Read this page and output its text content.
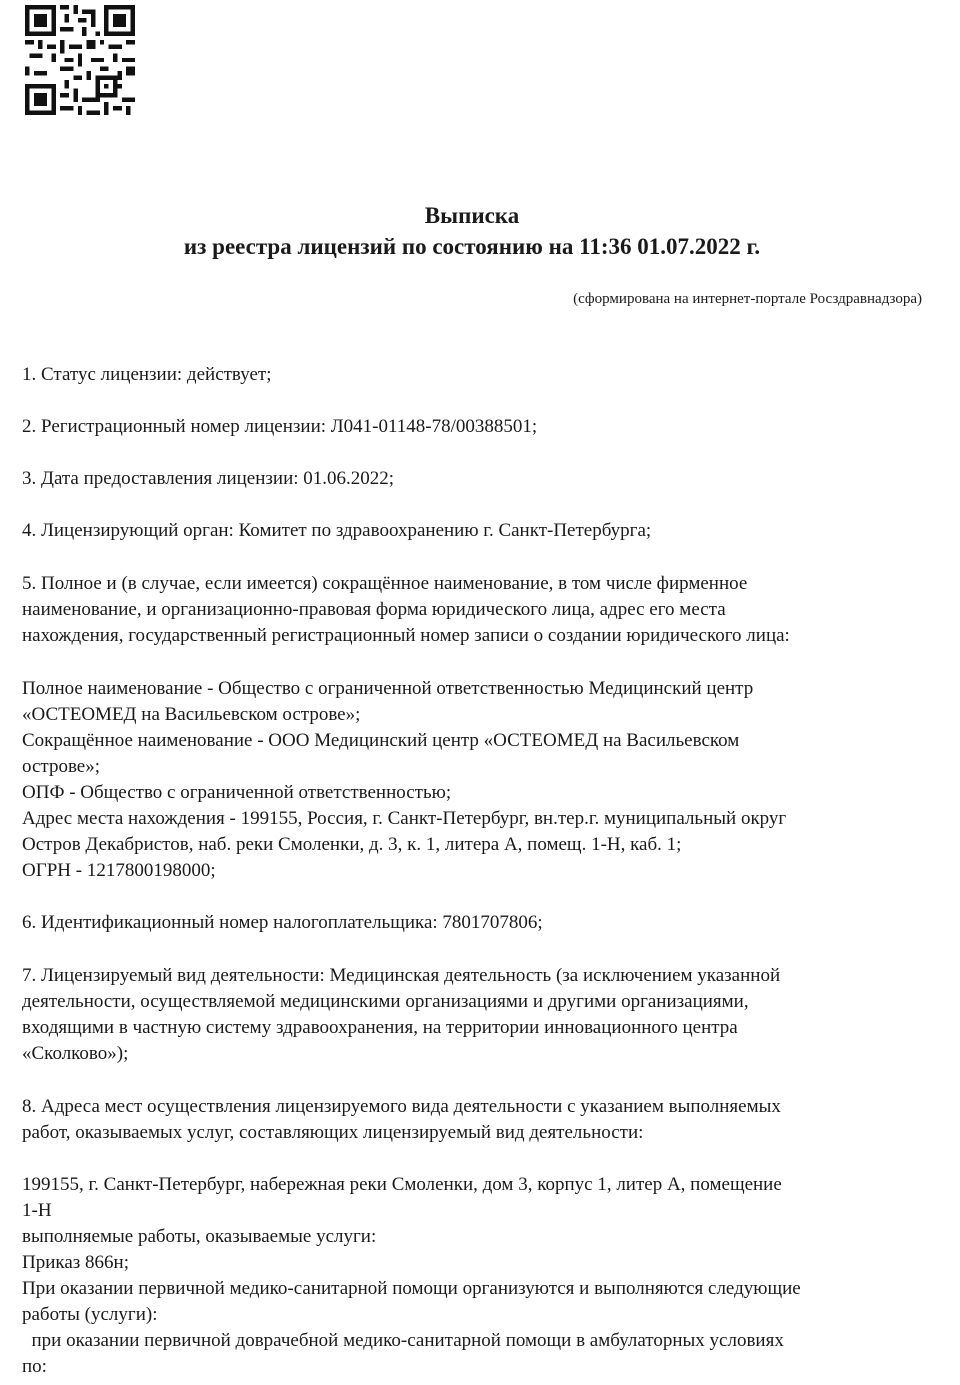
Выписка
из реестра лицензий по состоянию на 11:36 01.07.2022 г.
(сформирована на интернет-портале Росздравнадзора)

1. Статус лицензии: действует;

2. Регистрационный номер лицензии: Л041-01148-78/00388501;

3. Дата предоставления лицензии: 01.06.2022;

4. Лицензирующий орган: Комитет по здравоохранению г. Санкт-Петербурга;

5. Полное и (в случае, если имеется) сокращённое наименование, в том числе фирменное

наименование, и организационно-правовая форма юридического лица, адрес его места

нахождения, государственный регистрационный номер записи о создании юридического лица:

Полное наименование - Общество с ограниченной ответственностью Медицинский центр

«ОСТЕОМЕД на Васильевском острове»;

Сокращённое наименование - ООО Медицинский центр «ОСТЕОМЕД на Васильевском

острове»;

ОПФ - Общество с ограниченной ответственностью;

Адрес места нахождения - 199155, Россия, г. Санкт-Петербург, вн.тер.г. муниципальный округ

Остров Декабристов, наб. реки Смоленки, д. 3, к. 1, литера А, помещ. 1-Н, каб. 1;

ОГРН - 1217800198000;

6. Идентификационный номер налогоплательщика: 7801707806;

7. Лицензируемый вид деятельности: Медицинская деятельность (за исключением указанной

деятельности, осуществляемой медицинскими организациями и другими организациями,

входящими в частную систему здравоохранения, на территории инновационного центра

«Сколково»);

8. Адреса мест осуществления лицензируемого вида деятельности с указанием выполняемых

работ, оказываемых услуг, составляющих лицензируемый вид деятельности:

199155, г. Санкт-Петербург, набережная реки Смоленки, дом 3, корпус 1, литер А, помещение

1-Н

выполняемые работы, оказываемые услуги:

Приказ 866н;

При оказании первичной медико-санитарной помощи организуются и выполняются следующие

работы (услуги):

при оказании первичной доврачебной медико-санитарной помощи в амбулаторных условиях

по:
